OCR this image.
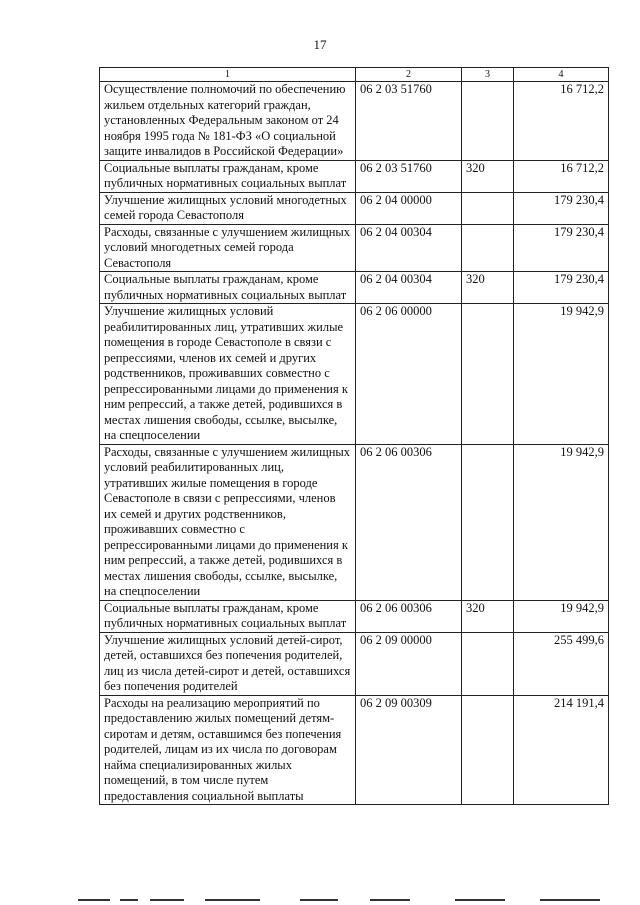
17
1	2	3	4
Осуществление полномочий по обеспечению жильем отдельных категорий граждан, установленных Федеральным законом от 24 ноября 1995 года № 181-ФЗ «О социальной защите инвалидов в Российской Федерации»	06 2 03 51760		16 712,2
Социальные выплаты гражданам, кроме публичных нормативных социальных выплат	06 2 03 51760	320	16 712,2
Улучшение жилищных условий многодетных семей города Севастополя	06 2 04 00000		179 230,4
Расходы, связанные с улучшением жилищных условий многодетных семей города Севастополя	06 2 04 00304		179 230,4
Социальные выплаты гражданам, кроме публичных нормативных социальных выплат	06 2 04 00304	320	179 230,4
Улучшение жилищных условий реабилитированных лиц, утративших жилые помещения в городе Севастополе в связи с репрессиями, членов их семей и других родственников, проживавших совместно с репрессированными лицами до применения к ним репрессий, а также детей, родившихся в местах лишения свободы, ссылке, высылке, на спецпоселении	06 2 06 00000		19 942,9
Расходы, связанные с улучшением жилищных условий реабилитированных лиц, утративших жилые помещения в городе Севастополе в связи с репрессиями, членов их семей и других родственников, проживавших совместно с репрессированными лицами до применения к ним репрессий, а также детей, родившихся в местах лишения свободы, ссылке, высылке, на спецпоселении	06 2 06 00306		19 942,9
Социальные выплаты гражданам, кроме публичных нормативных социальных выплат	06 2 06 00306	320	19 942,9
Улучшение жилищных условий детей-сирот, детей, оставшихся без попечения родителей, лиц из числа детей-сирот и детей, оставшихся без попечения родителей	06 2 09 00000		255 499,6
Расходы на реализацию мероприятий по предоставлению жилых помещений детям-сиротам и детям, оставшимся без попечения родителей, лицам из их числа по договорам найма специализированных жилых помещений, в том числе путем предоставления социальной выплаты	06 2 09 00309		214 191,4
